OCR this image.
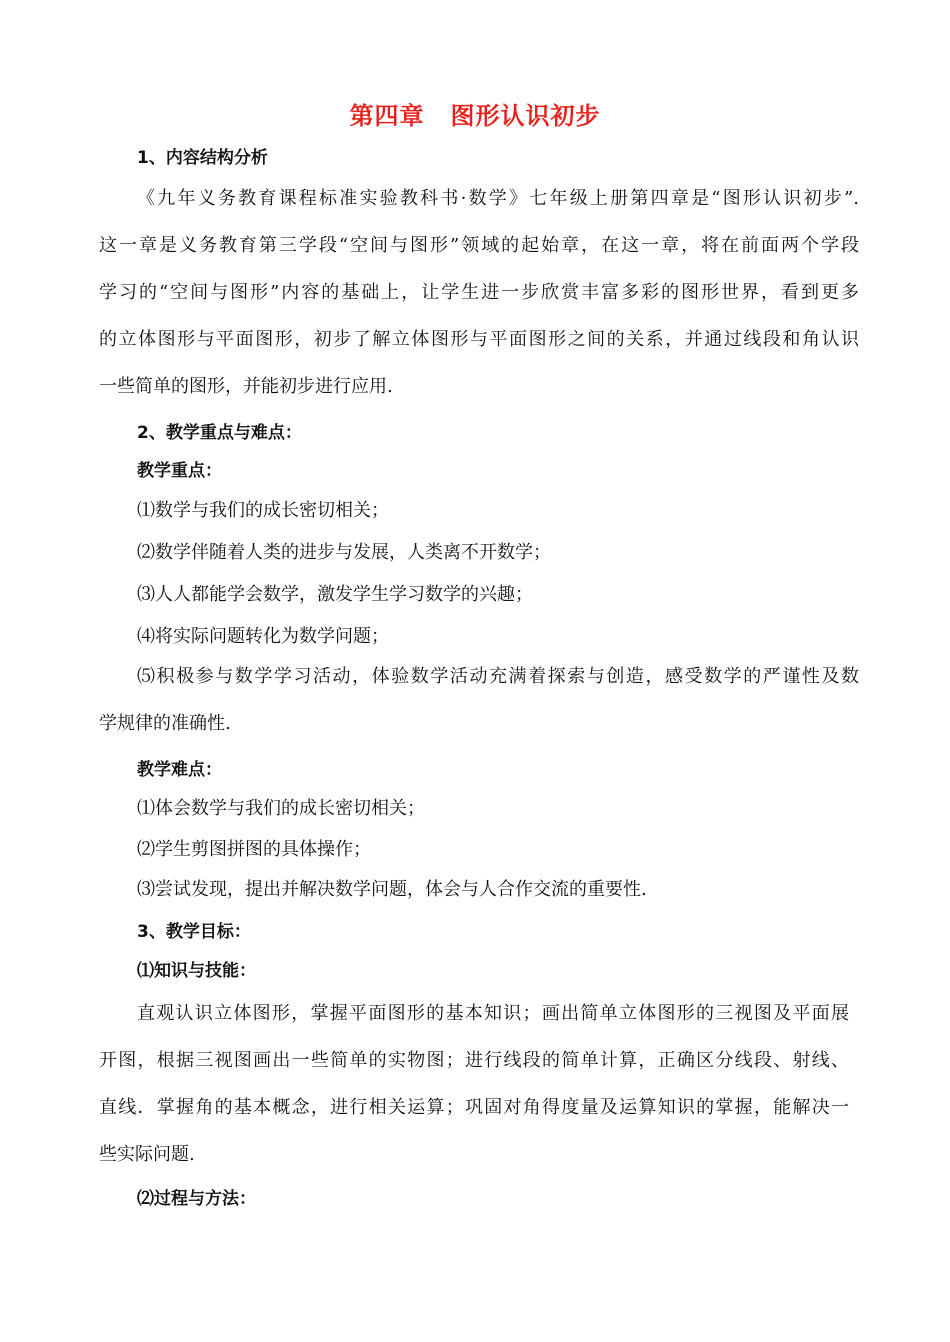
第四章 图形认识初步
1、内容结构分析
《九年义务教育课程标准实验教科书·数学》七年级上册第四章是“图形认识初步”.
这一章是义务教育第三学段“空间与图形”领域的起始章，在这一章，将在前面两个学段
学习的“空间与图形”内容的基础上，让学生进一步欣赏丰富多彩的图形世界，看到更多
的立体图形与平面图形，初步了解立体图形与平面图形之间的关系，并通过线段和角认识
一些简单的图形，并能初步进行应用.
2、教学重点与难点：
教学重点：
⑴数学与我们的成长密切相关；
⑵数学伴随着人类的进步与发展，人类离不开数学；
⑶人人都能学会数学，激发学生学习数学的兴趣；
⑷将实际问题转化为数学问题；
⑸积极参与数学学习活动，体验数学活动充满着探索与创造，感受数学的严谨性及数
学规律的准确性.
教学难点：
⑴体会数学与我们的成长密切相关；
⑵学生剪图拼图的具体操作；
⑶尝试发现，提出并解决数学问题，体会与人合作交流的重要性.
3、教学目标：
⑴知识与技能：
直观认识立体图形，掌握平面图形的基本知识；画出简单立体图形的三视图及平面展
开图，根据三视图画出一些简单的实物图；进行线段的简单计算，正确区分线段、射线、
直线．掌握角的基本概念，进行相关运算；巩固对角得度量及运算知识的掌握，能解决一
些实际问题.
⑵过程与方法：
